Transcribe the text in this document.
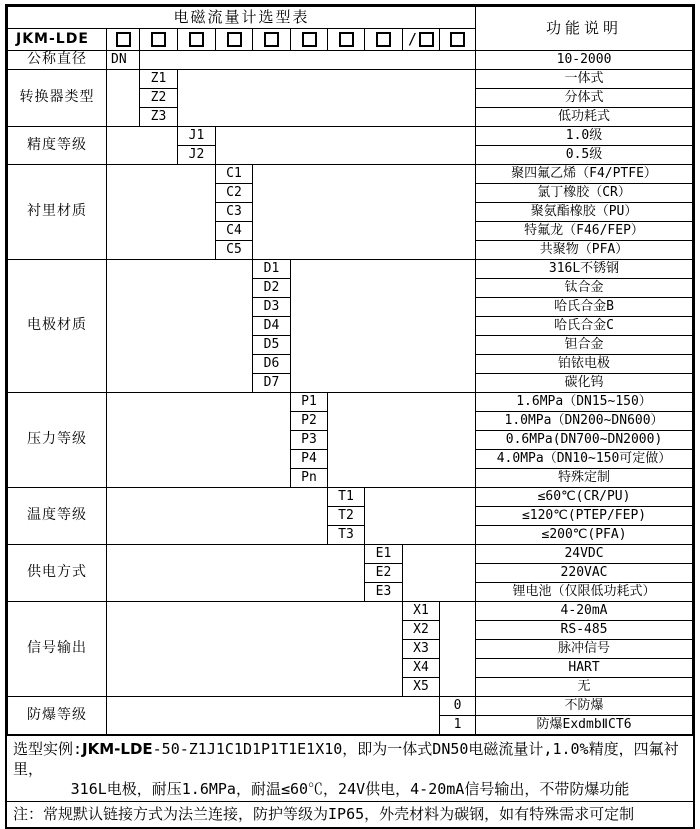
电磁流量计选型表											功能说明
JKM-LDE									/		
公称直径	DN										10-2000
转换器类型		Z1									一体式
		Z2									分体式
		Z3									低功耗式
精度等级			J1								1.0级
			J2								0.5级
衬里材质				C1							聚四氟乙烯（F4/PTFE）
				C2							氯丁橡胶（CR）
				C3							聚氨酯橡胶（PU）
				C4							特氟龙（F46/FEP）
				C5							共聚物（PFA）
电极材质					D1						316L不锈钢
					D2						钛合金
					D3						哈氏合金B
					D4						哈氏合金C
					D5						钽合金
					D6						铂铱电极
					D7						碳化钨
压力等级						P1					1.6MPa（DN15~150）
						P2					1.0MPa（DN200~DN600）
						P3					0.6MPa(DN700~DN2000)
						P4					4.0MPa（DN10~150可定做）
						Pn					特殊定制
温度等级							T1				≤60℃(CR/PU)
							T2				≤120℃(PTEP/FEP)
							T3				≤200℃(PFA)
供电方式								E1			24VDC
								E2			220VAC
								E3			锂电池（仅限低功耗式）
信号输出									X1		4-20mA
									X2		RS-485
									X3		脉冲信号
									X4		HART
									X5		无
防爆等级										0	不防爆
										1	防爆ExdmbⅡCT6
选型实例:JKM-LDE-50-Z1J1C1D1P1T1E1X10，即为一体式DN50电磁流量计,1.0%精度，四氟衬里，
316L电极，耐压1.6MPa，耐温≤60℃，24V供电，4-20mA信号输出，不带防爆功能
注：常规默认链接方式为法兰连接，防护等级为IP65，外壳材料为碳钢，如有特殊需求可定制
